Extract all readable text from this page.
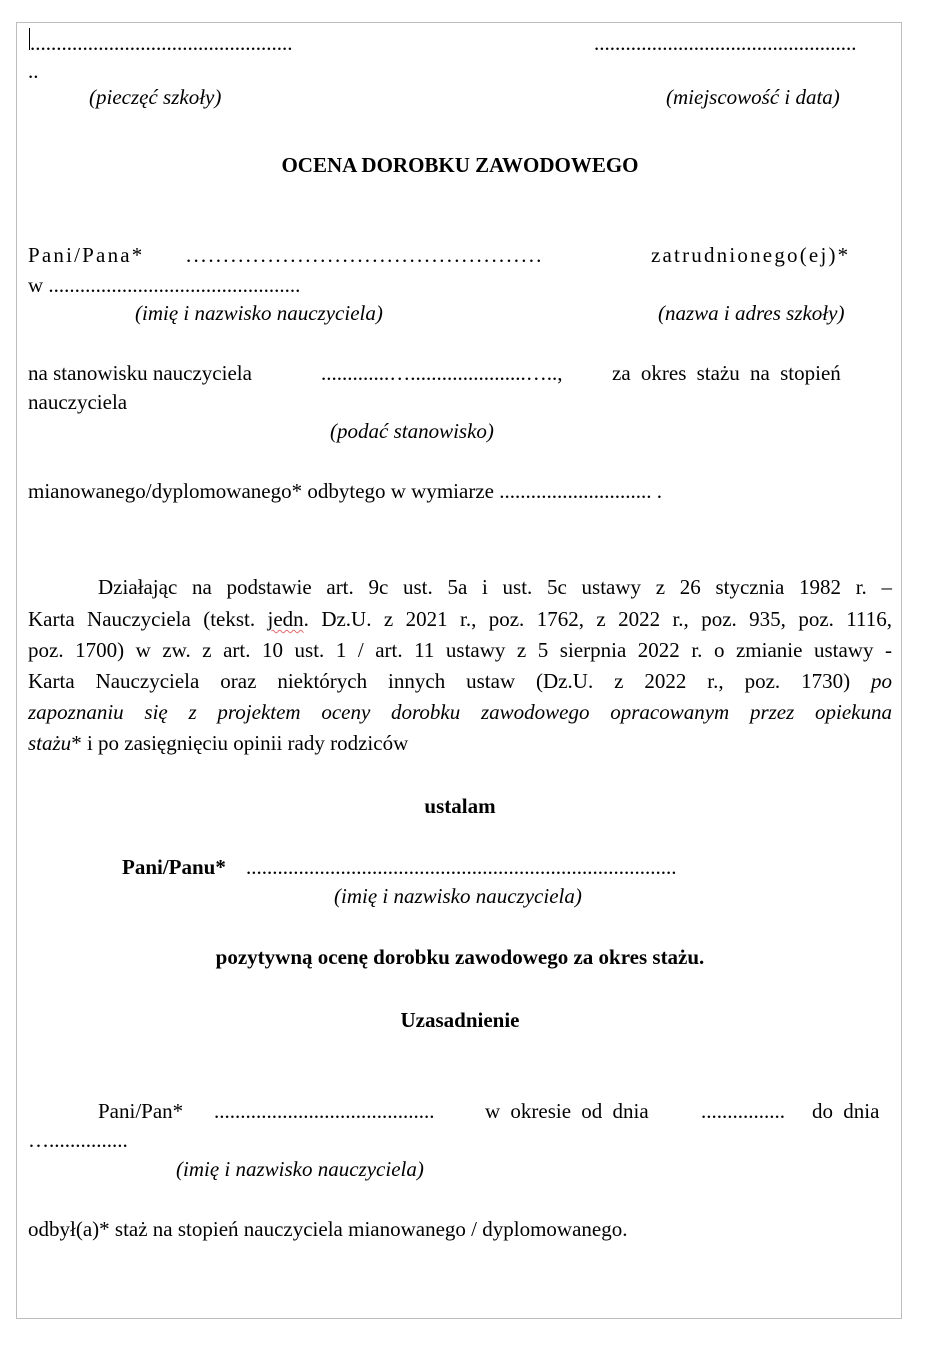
..................................................	..................................................
..
(pieczęć szkoły)	(miejscowość i data)
OCENA DOROBKU ZAWODOWEGO
Pani/Pana* ................................................	zatrudnionego(ej)*
w ................................................
(imię i nazwisko nauczyciela)	(nazwa i adres szkoły)
na stanowisku nauczyciela	.............…......................….., za okres stażu na stopień
nauczyciela
(podać stanowisko)
mianowanego/dyplomowanego* odbytego w wymiarze ............................. .
Działając na podstawie art. 9c ust. 5a i ust. 5c ustawy z 26 stycznia 1982 r. –
Karta Nauczyciela (tekst. jedn. Dz.U. z 2021 r., poz. 1762, z 2022 r., poz. 935, poz. 1116,
poz. 1700) w zw. z art. 10 ust. 1 / art. 11 ustawy z 5 sierpnia 2022 r. o zmianie ustawy -
Karta Nauczyciela oraz niektórych innych ustaw (Dz.U. z 2022 r., poz. 1730) po
zapoznaniu się z projektem oceny dorobku zawodowego opracowanym przez opiekuna
stażu* i po zasięgnięciu opinii rady rodziców
ustalam
Pani/Panu* ..................................................................................
(imię i nazwisko nauczyciela)
pozytywną ocenę dorobku zawodowego za okres stażu.
Uzasadnienie
Pani/Pan* .......................................... w okresie od dnia ................ do dnia
…...............
(imię i nazwisko nauczyciela)
odbył(a)* staż na stopień nauczyciela mianowanego / dyplomowanego.
